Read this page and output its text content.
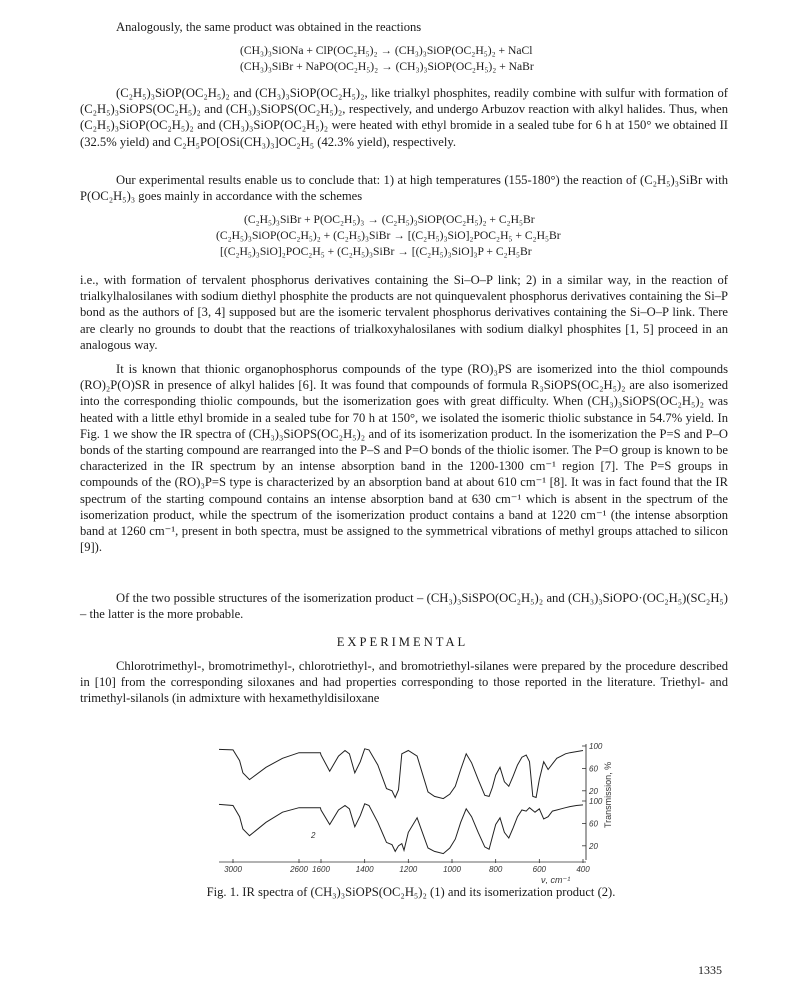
Analogously, the same product was obtained in the reactions

(CH₃)₃SiONa + ClP(OC₂H₅)₂ → (CH₃)₃SiOP(OC₂H₅)₂ + NaCl
(CH₃)₃SiBr + NaPO(OC₂H₅)₂ → (CH₃)₃SiOP(OC₂H₅)₂ + NaBr

(C₂H₅)₃SiOP(OC₂H₅)₂ and (CH₃)₃SiOP(OC₂H₅)₂, like trialkyl phosphites, readily combine with sulfur with formation of (C₂H₅)₃SiOPS(OC₂H₅)₂ and (CH₃)₃SiOPS(OC₂H₅)₂, respectively, and undergo Arbuzov reaction with alkyl halides. Thus, when (C₂H₅)₃SiOP(OC₂H₅)₂ and (CH₃)₃SiOP(OC₂H₅)₂ were heated with ethyl bromide in a sealed tube for 6 h at 150° we obtained II (32.5% yield) and C₂H₅PO[OSi(CH₃)₃]OC₂H₅ (42.3% yield), respectively.

Our experimental results enable us to conclude that: 1) at high temperatures (155-180°) the reaction of (C₂H₅)₃SiBr with P(OC₂H₅)₃ goes mainly in accordance with the schemes

(C₂H₅)₃SiBr + P(OC₂H₅)₃ → (C₂H₅)₃SiOP(OC₂H₅)₂ + C₂H₅Br
(C₂H₅)₃SiOP(OC₂H₅)₂ + (C₂H₅)₃SiBr → [(C₂H₅)₃SiO]₂POC₂H₅ + C₂H₅Br
[(C₂H₅)₃SiO]₂POC₂H₅ + (C₂H₅)₃SiBr → [(C₂H₅)₃SiO]₃P + C₂H₅Br

i.e., with formation of tervalent phosphorus derivatives containing the Si–O–P link; 2) in a similar way, in the reaction of trialkylhalosilanes with sodium diethyl phosphite the products are not quinquevalent phosphorus derivatives containing the Si–P bond as the authors of [3, 4] supposed but are the isomeric tervalent phosphorus derivatives containing the Si–O–P link. There are clearly no grounds to doubt that the reactions of trialkoxyhalosilanes with sodium dialkyl phosphites [1, 5] proceed in an analogous way.

It is known that thionic organophosphorus compounds of the type (RO)₃PS are isomerized into the thiol compounds (RO)₂P(O)SR in presence of alkyl halides [6]. It was found that compounds of formula R₃SiOPS(OC₂H₅)₂ are also isomerized into the corresponding thiolic compounds, but the isomerization goes with great difficulty. When (CH₃)₃SiOPS(OC₂H₅)₂ was heated with a little ethyl bromide in a sealed tube for 70 h at 150°, we isolated the isomeric thiolic substance in 54.7% yield. In Fig. 1 we show the IR spectra of (CH₃)₃SiOPS(OC₂H₅)₂ and of its isomerization product. In the isomerization the P=S and P–O bonds of the starting compound are rearranged into the P–S and P=O bonds of the thiolic isomer. The P=O group is known to be characterized in the IR spectrum by an intense absorption band in the 1200-1300 cm⁻¹ region [7]. The P=S groups in compounds of the (RO)₃P=S type is characterized by an absorption band at about 610 cm⁻¹ [8]. It was in fact found that the IR spectrum of the starting compound contains an intense absorption band at 630 cm⁻¹ which is absent in the spectrum of the isomerization product, while the spectrum of the isomerization product contains a band at 1220 cm⁻¹ (the intense absorption band at 1260 cm⁻¹, present in both spectra, must be assigned to the symmetrical vibrations of methyl groups attached to silicon [9]).

Of the two possible structures of the isomerization product – (CH₃)₃SiSPO(OC₂H₅)₂ and (CH₃)₃SiOPO·(OC₂H₅)(SC₂H₅) – the latter is the more probable.

EXPERIMENTAL

Chlorotrimethyl-, bromotrimethyl-, chlorotriethyl-, and bromotriethyl-silanes were prepared by the procedure described in [10] from the corresponding siloxanes and had properties corresponding to those reported in the literature. Triethyl- and trimethyl-silanols (in admixture with hexamethyldisiloxane

100
60
20
100
60
20
Transmission, %
3000	2600 1600	1400	1200	1000	800	600	400
ν, cm⁻¹
2
Fig. 1. IR spectra of (CH₃)₃SiOPS(OC₂H₅)₂ (1) and its isomerization product (2).
1335
